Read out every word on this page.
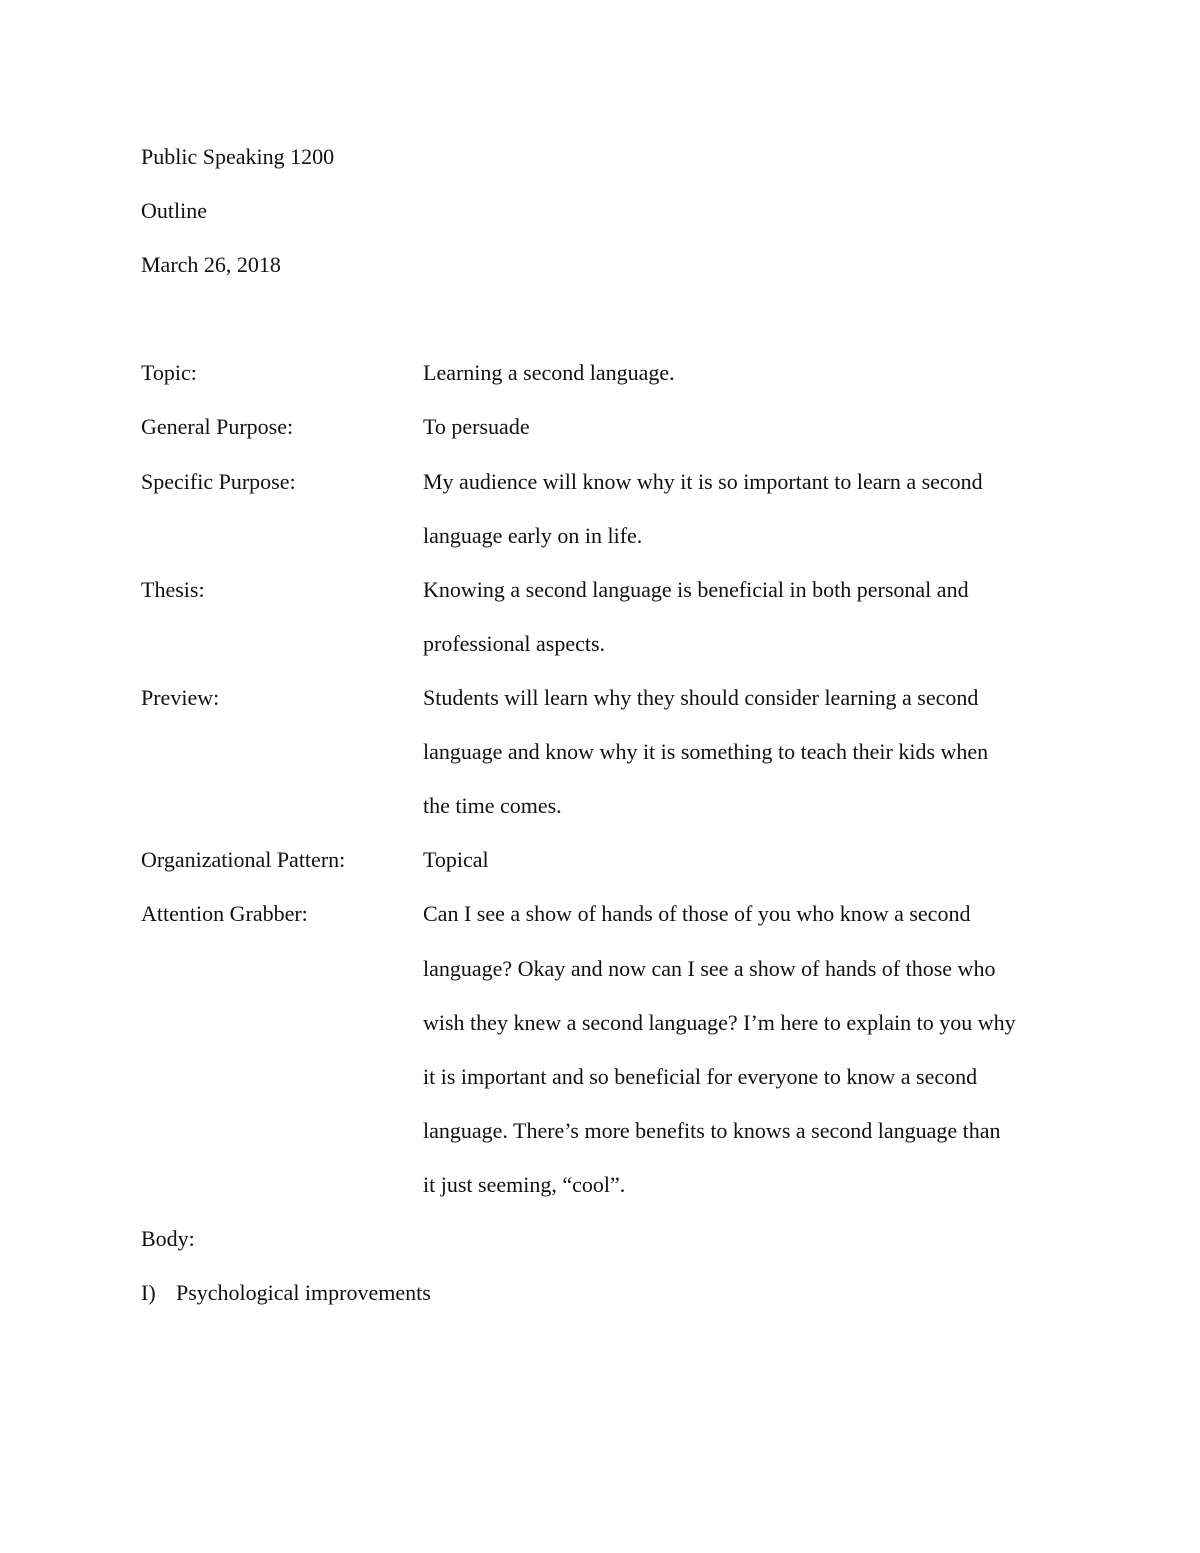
Public Speaking 1200
Outline
March 26, 2018
Topic:	Learning a second language.
General Purpose:	To persuade
Specific Purpose:	My audience will know why it is so important to learn a second
language early on in life.
Thesis:	Knowing a second language is beneficial in both personal and
professional aspects.
Preview:	Students will learn why they should consider learning a second
language and know why it is something to teach their kids when
the time comes.
Organizational Pattern:	Topical
Attention Grabber:	Can I see a show of hands of those of you who know a second
language? Okay and now can I see a show of hands of those who
wish they knew a second language? I’m here to explain to you why
it is important and so beneficial for everyone to know a second
language. There’s more benefits to knows a second language than
it just seeming, “cool”.
Body:
I) Psychological improvements
